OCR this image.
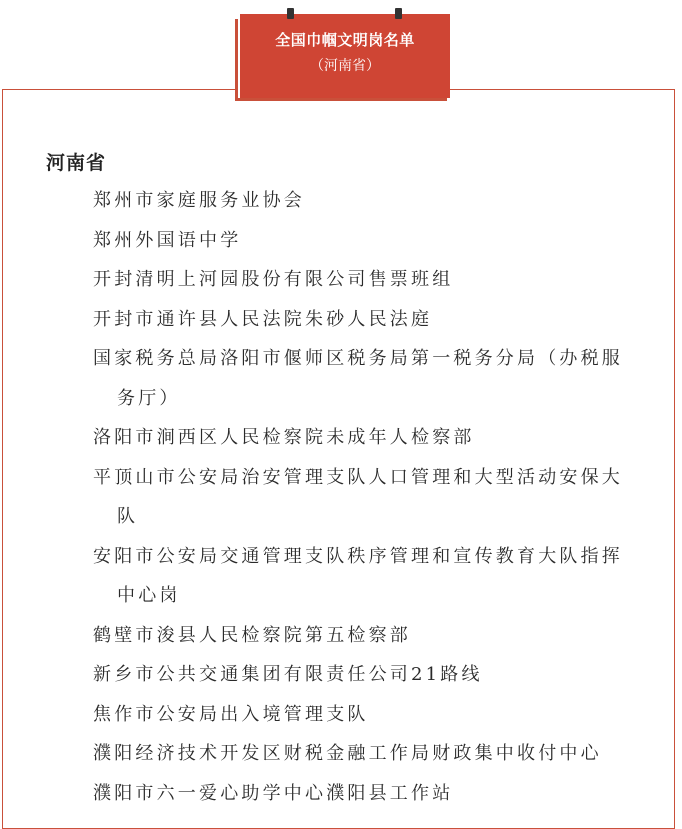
全国巾帼文明岗名单
（河南省）
河南省
郑州市家庭服务业协会
郑州外国语中学
开封清明上河园股份有限公司售票班组
开封市通许县人民法院朱砂人民法庭
国家税务总局洛阳市偃师区税务局第一税务分局（办税服务厅）
洛阳市涧西区人民检察院未成年人检察部
平顶山市公安局治安管理支队人口管理和大型活动安保大队
安阳市公安局交通管理支队秩序管理和宣传教育大队指挥中心岗
鹤壁市浚县人民检察院第五检察部
新乡市公共交通集团有限责任公司21路线
焦作市公安局出入境管理支队
濮阳经济技术开发区财税金融工作局财政集中收付中心
濮阳市六一爱心助学中心濮阳县工作站
